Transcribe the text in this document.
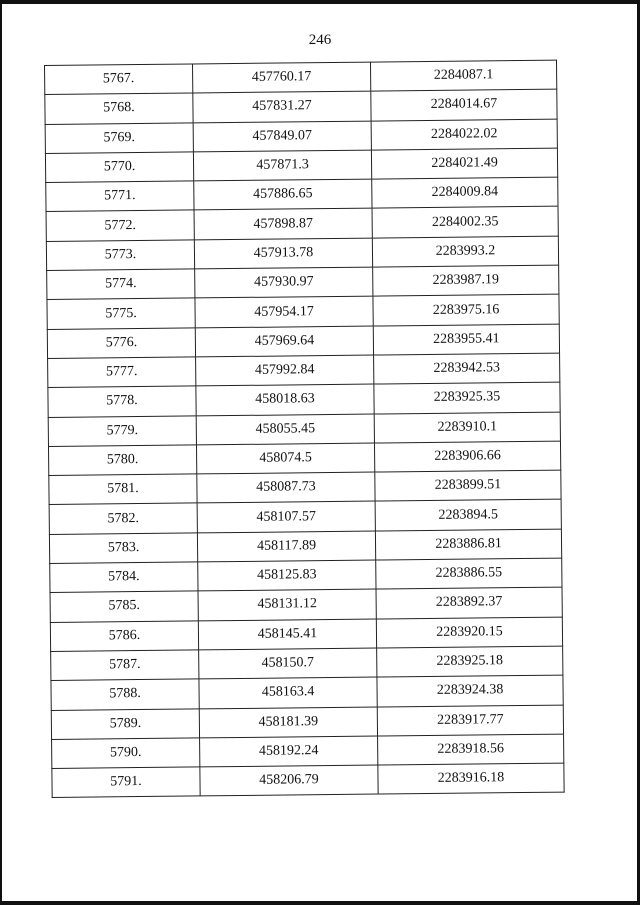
246
5767.	457760.17	2284087.1
5768.	457831.27	2284014.67
5769.	457849.07	2284022.02
5770.	457871.3	2284021.49
5771.	457886.65	2284009.84
5772.	457898.87	2284002.35
5773.	457913.78	2283993.2
5774.	457930.97	2283987.19
5775.	457954.17	2283975.16
5776.	457969.64	2283955.41
5777.	457992.84	2283942.53
5778.	458018.63	2283925.35
5779.	458055.45	2283910.1
5780.	458074.5	2283906.66
5781.	458087.73	2283899.51
5782.	458107.57	2283894.5
5783.	458117.89	2283886.81
5784.	458125.83	2283886.55
5785.	458131.12	2283892.37
5786.	458145.41	2283920.15
5787.	458150.7	2283925.18
5788.	458163.4	2283924.38
5789.	458181.39	2283917.77
5790.	458192.24	2283918.56
5791.	458206.79	2283916.18
